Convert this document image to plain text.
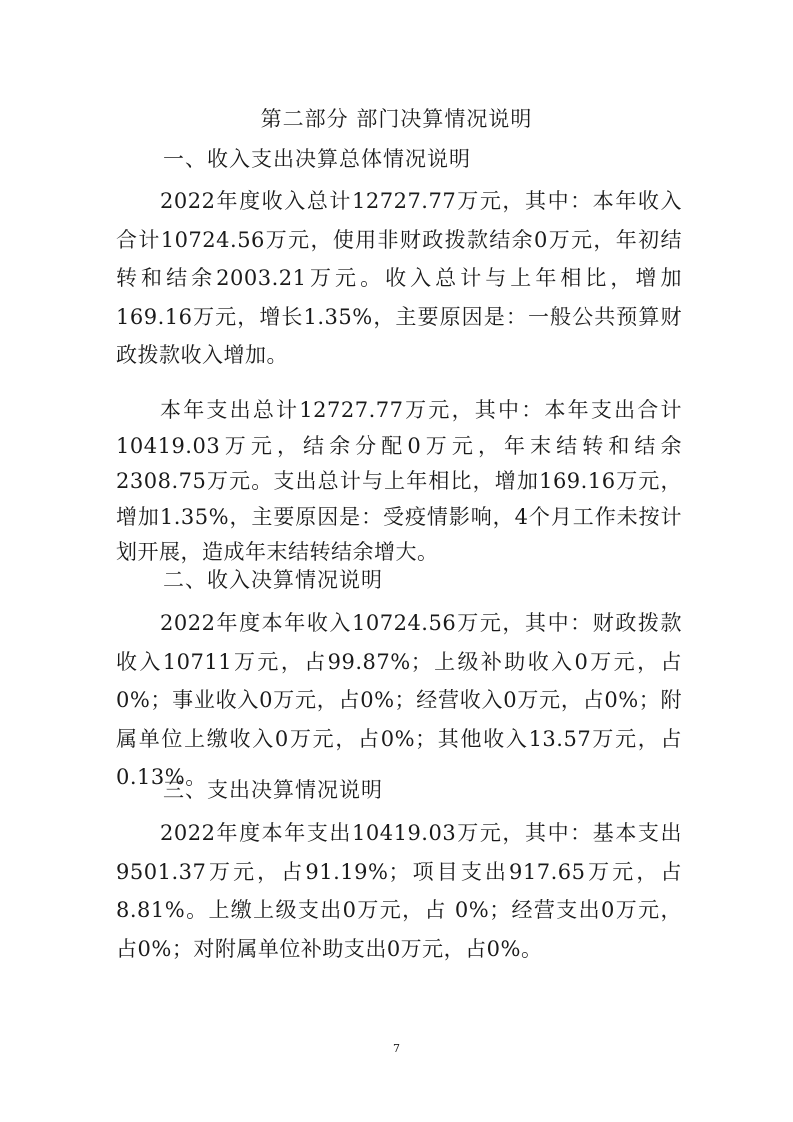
第二部分 部门决算情况说明
一、收入支出决算总体情况说明
2022年度收入总计12727.77万元，其中：本年收入合计10724.56万元，使用非财政拨款结余0万元，年初结转和结余2003.21万元。收入总计与上年相比，增加169.16万元，增长1.35%，主要原因是：一般公共预算财政拨款收入增加。
本年支出总计12727.77万元，其中：本年支出合计10419.03万元，结余分配0万元，年末结转和结余2308.75万元。支出总计与上年相比，增加169.16万元，增加1.35%，主要原因是：受疫情影响，4个月工作未按计划开展，造成年末结转结余增大。
二、收入决算情况说明
2022年度本年收入10724.56万元，其中：财政拨款收入10711万元，占99.87%；上级补助收入0万元，占0%；事业收入0万元，占0%；经营收入0万元，占0%；附属单位上缴收入0万元，占0%；其他收入13.57万元，占0.13%。
三、支出决算情况说明
2022年度本年支出10419.03万元，其中：基本支出9501.37万元，占91.19%；项目支出917.65万元，占8.81%。上缴上级支出0万元，占 0%；经营支出0万元，占0%；对附属单位补助支出0万元，占0%。
7
